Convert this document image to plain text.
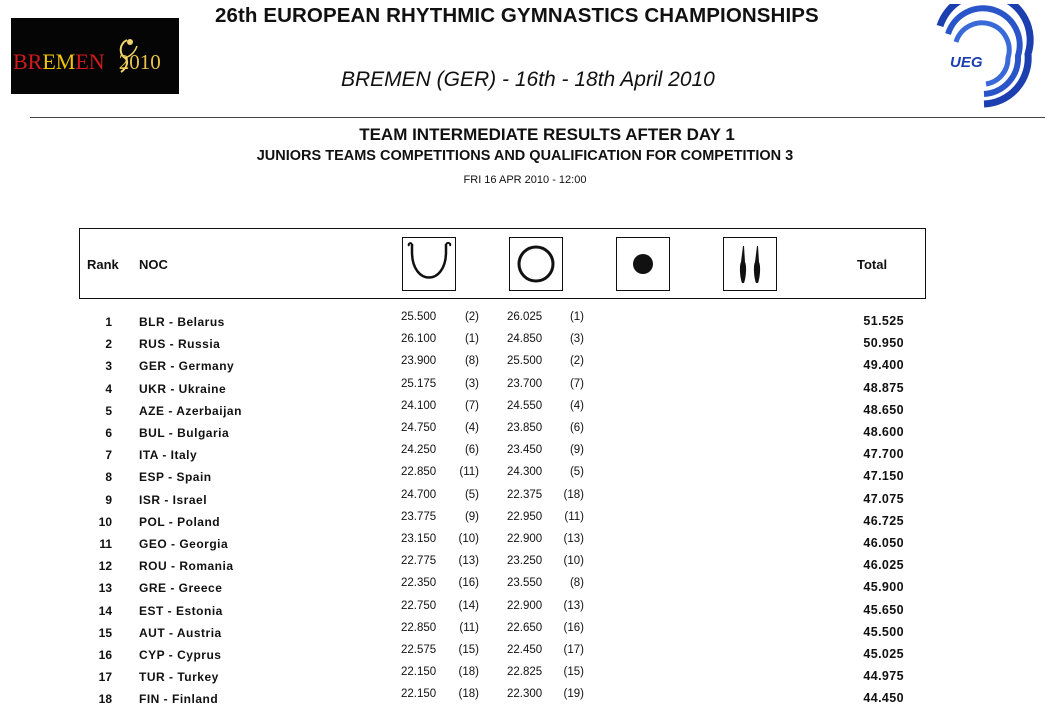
BREMEN 2010
26th EUROPEAN RHYTHMIC GYMNASTICS CHAMPIONSHIPS
BREMEN (GER) - 16th - 18th April 2010
UEG
TEAM INTERMEDIATE RESULTS AFTER DAY 1
JUNIORS TEAMS COMPETITIONS AND QUALIFICATION FOR COMPETITION 3
FRI 16 APR 2010 - 12:00
Rank NOC	Total
1 BLR - Belarus	25.500	(2) 26.025	(1)	51.525
2 RUS - Russia	26.100	(1) 24.850	(3)	50.950
3 GER - Germany	23.900	(8) 25.500	(2)	49.400
4 UKR - Ukraine	25.175	(3) 23.700	(7)	48.875
5 AZE - Azerbaijan	24.100	(7) 24.550	(4)	48.650
6 BUL - Bulgaria	24.750	(4) 23.850	(6)	48.600
7 ITA - Italy	24.250	(6) 23.450	(9)	47.700
8 ESP - Spain	22.850	(11) 24.300	(5)	47.150
9 ISR - Israel	24.700	(5) 22.375	(18)	47.075
10 POL - Poland	23.775	(9) 22.950	(11)	46.725
11 GEO - Georgia	23.150	(10) 22.900	(13)	46.050
12 ROU - Romania	22.775	(13) 23.250	(10)	46.025
13 GRE - Greece	22.350	(16) 23.550	(8)	45.900
14 EST - Estonia	22.750	(14) 22.900	(13)	45.650
15 AUT - Austria	22.850	(11) 22.650	(16)	45.500
16 CYP - Cyprus	22.575	(15) 22.450	(17)	45.025
17 TUR - Turkey	22.150	(18) 22.825	(15)	44.975
18 FIN - Finland	22.150	(18) 22.300	(19)	44.450
